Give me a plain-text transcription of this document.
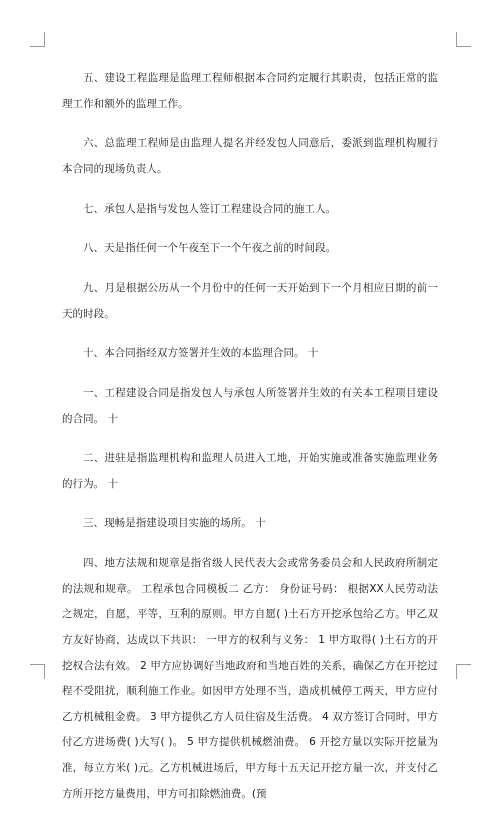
五、建设工程监理是监理工程师根据本合同约定履行其职责，包括正常的监理工作和额外的监理工作。

六、总监理工程师是由监理人提名并经发包人同意后，委派到监理机构履行本合同的现场负责人。

七、承包人是指与发包人签订工程建设合同的施工人。

八、天是指任何一个午夜至下一个午夜之前的时间段。

九、月是根据公历从一个月份中的任何一天开始到下一个月相应日期的前一天的时段。

十、本合同指经双方签署并生效的本监理合同。 十

一、工程建设合同是指发包人与承包人所签署并生效的有关本工程项目建设的合同。 十

二、进驻是指监理机构和监理人员进入工地，开始实施或准备实施监理业务的行为。 十

三、现畅是指建设项目实施的场所。 十

四、地方法规和规章是指省级人民代表大会或常务委员会和人民政府所制定的法规和规章。 工程承包合同模板二 乙方： 身份证号码： 根据XX人民劳动法之规定，自愿，平等，互利的原则。甲方自愿( )土石方开挖承包给乙方。甲乙双方友好协商，达成以下共识： 一甲方的权利与义务： 1 甲方取得( )土石方的开挖权合法有效。 2 甲方应协调好当地政府和当地百姓的关系，确保乙方在开挖过程不受阻扰，顺利施工作业。如因甲方处理不当，造成机械停工两天，甲方应付乙方机械租金费。 3 甲方提供乙方人员住宿及生活费。 4 双方签订合同时，甲方付乙方进场费( )大写( )。 5 甲方提供机械燃油费。 6 开挖方量以实际开挖量为准，每立方米( )元。乙方机械进场后，甲方每十五天记开挖方量一次，并支付乙方所开挖方量费用，甲方可扣除燃油费。(预
